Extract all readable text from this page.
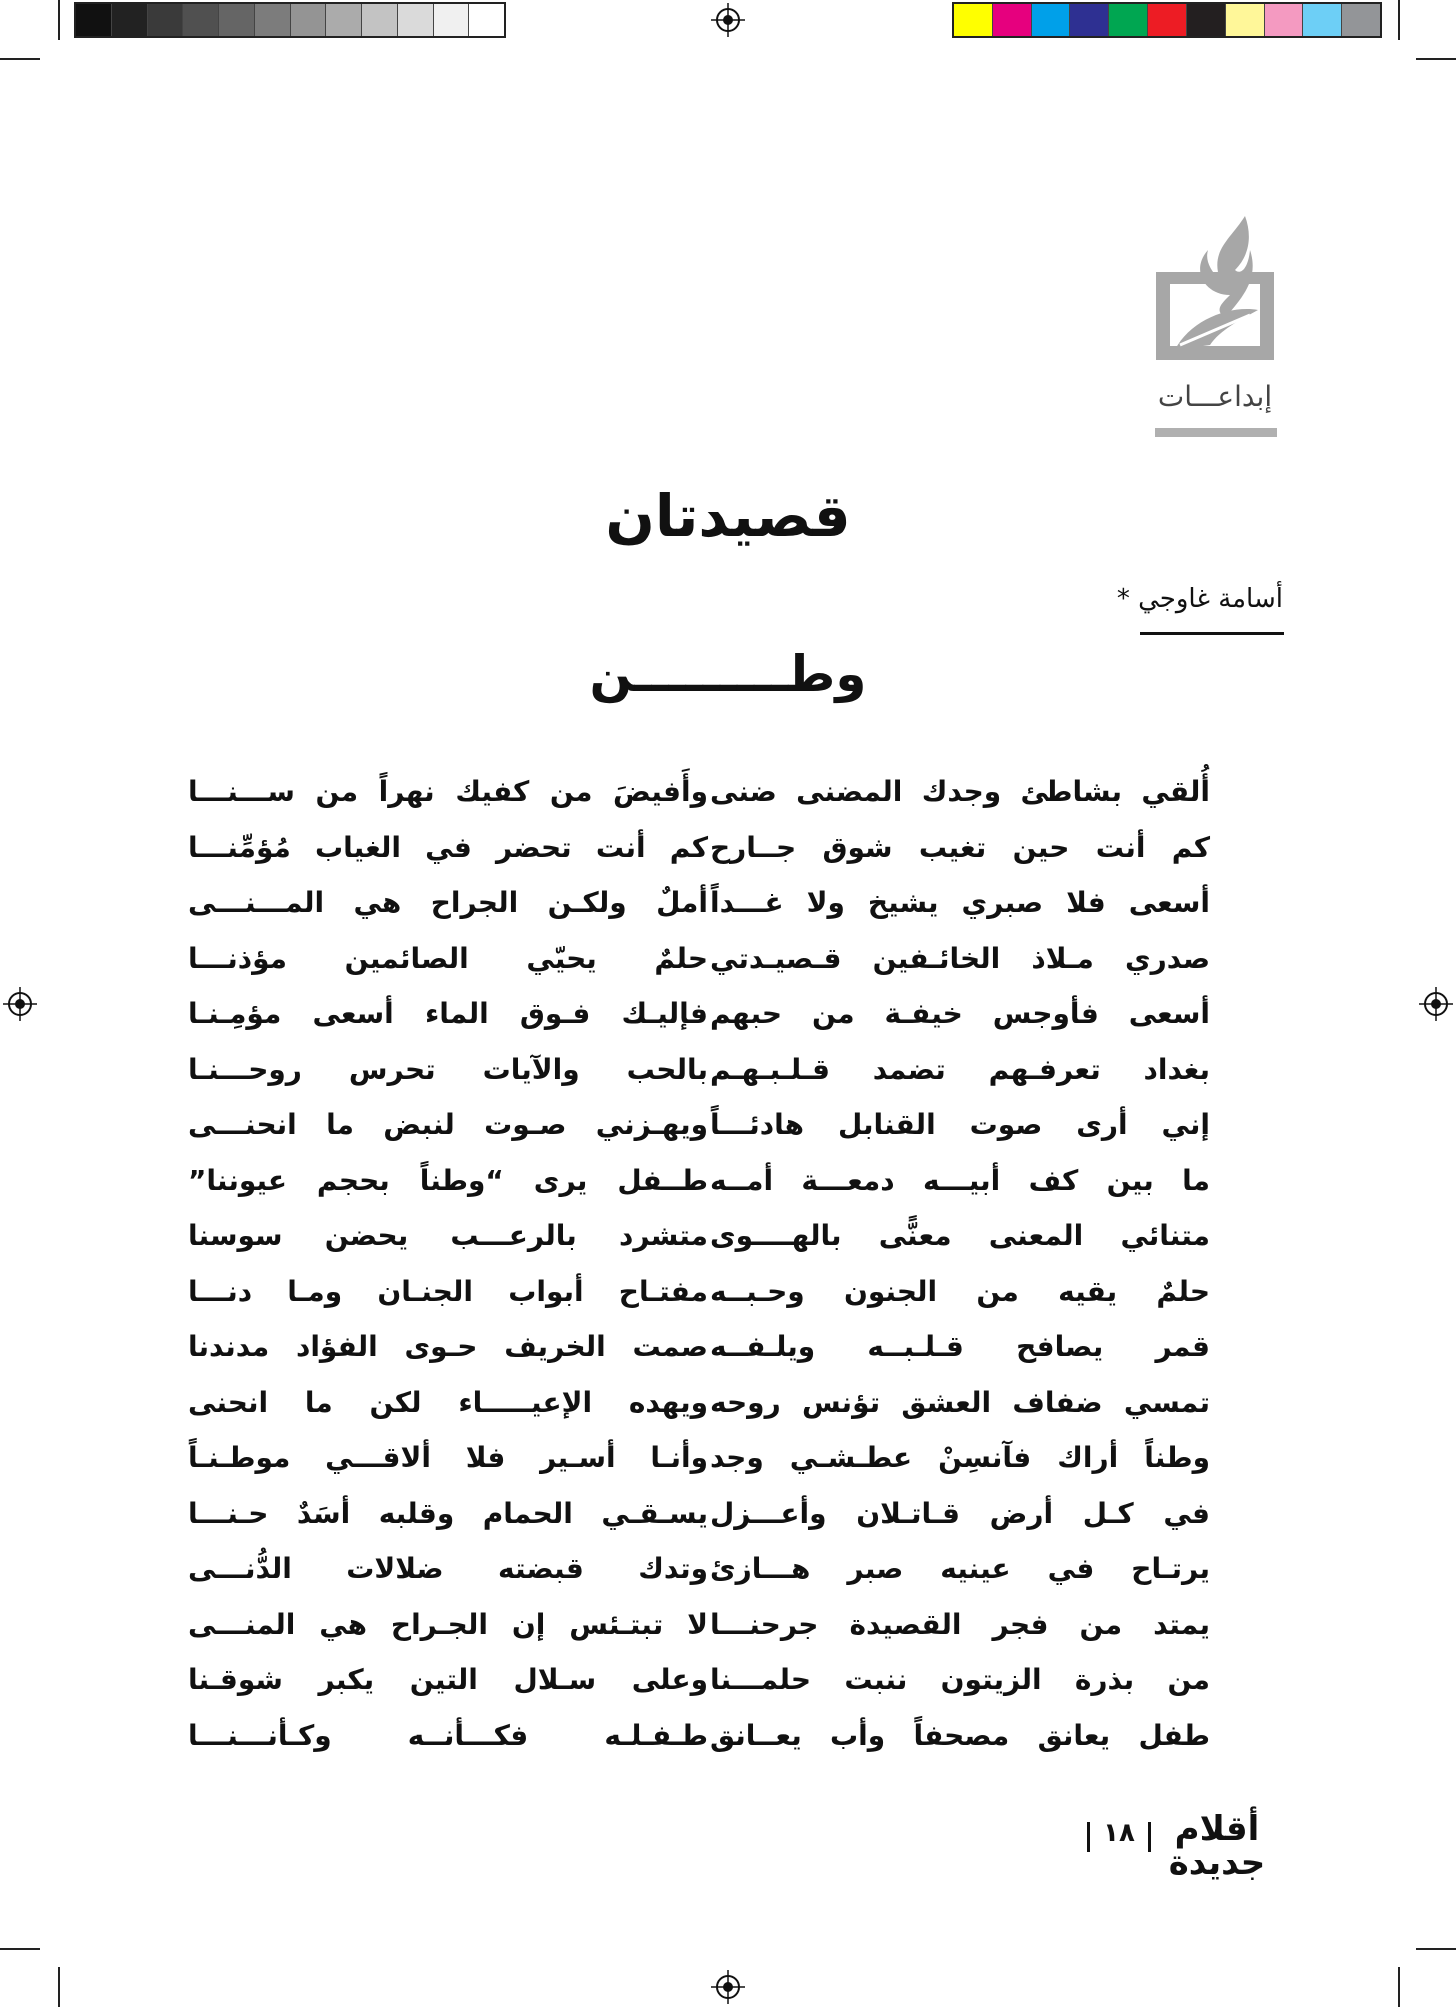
إبداعـــات
قصيدتان
أسامة غاوجي *
وطـــــــــن
أُلقي بشاطئ وجدك المضنى ضنى
كم أنت حين تغيب شوق جــارح
أسعى فلا صبري يشيخ ولا غـــداً
صدري مـلاذ الخائـفين قـصيـدتي
أسعى فأوجس خيفـة من حبهم
بغداد تعرفـهم تضمد قـلـبـهـم
إني أرى صوت القنابل هادئـــاً
ما بين كف أبيـــه دمعـــة أمــه
متنائي المعنى معنًّى بالهــــوى
حلمٌ يقيه من الجنون وحـبــه
قمر يصافح قـلـبــه ويلـفــه
تمسي ضفاف العشق تؤنس روحه
وطناً أراك فآنسِنْ عطـشـي وجد
في كـل أرض قـاتـلان وأعـــزل
يرتـاح في عينيه صبر هـــازئ
يمتد من فجر القصيدة جرحنـــا
من بذرة الزيتون ننبت حلمـــنا
طفل يعانق مصحفاً وأب يعــانق
وأَفيضَ من كفيك نهراً من ســـنـــا
كم أنت تحضر في الغياب مُؤمِّنـــا
أملٌ ولكـن الجراح هي المـــنـــى
حلمٌ يحيّي الصائمين مؤذنـــا
فإليـك فـوق الماء أسعى مؤمِـنـا
بالحب والآيات تحرس روحـــنـا
ويهـزني صـوت لنبض ما انحنـــى
طــفل يرى “وطناً بحجم عيوننا”
متشرد بالرعـــب يحضن سوسنا
مفتـاح أبواب الجنـان ومـا دنـــا
صمت الخريف حـوى الفؤاد مدندنا
ويهده الإعيـــــاء لكن ما انحنى
وأنـا أسـير فلا ألاقـــي موطـنـاً
يسـقـي الحمام وقلبه أسَدٌ حـنـــا
وتدك قبضته ضلالات الدُّنـــى
لا تبتـئس إن الجـراح هي المنـــى
وعلى سـلال التين يكبر شوقـنا
طـفـلـه فكـــأنــه وكـأنـــنـــا
١٨	أقلام جديدة
